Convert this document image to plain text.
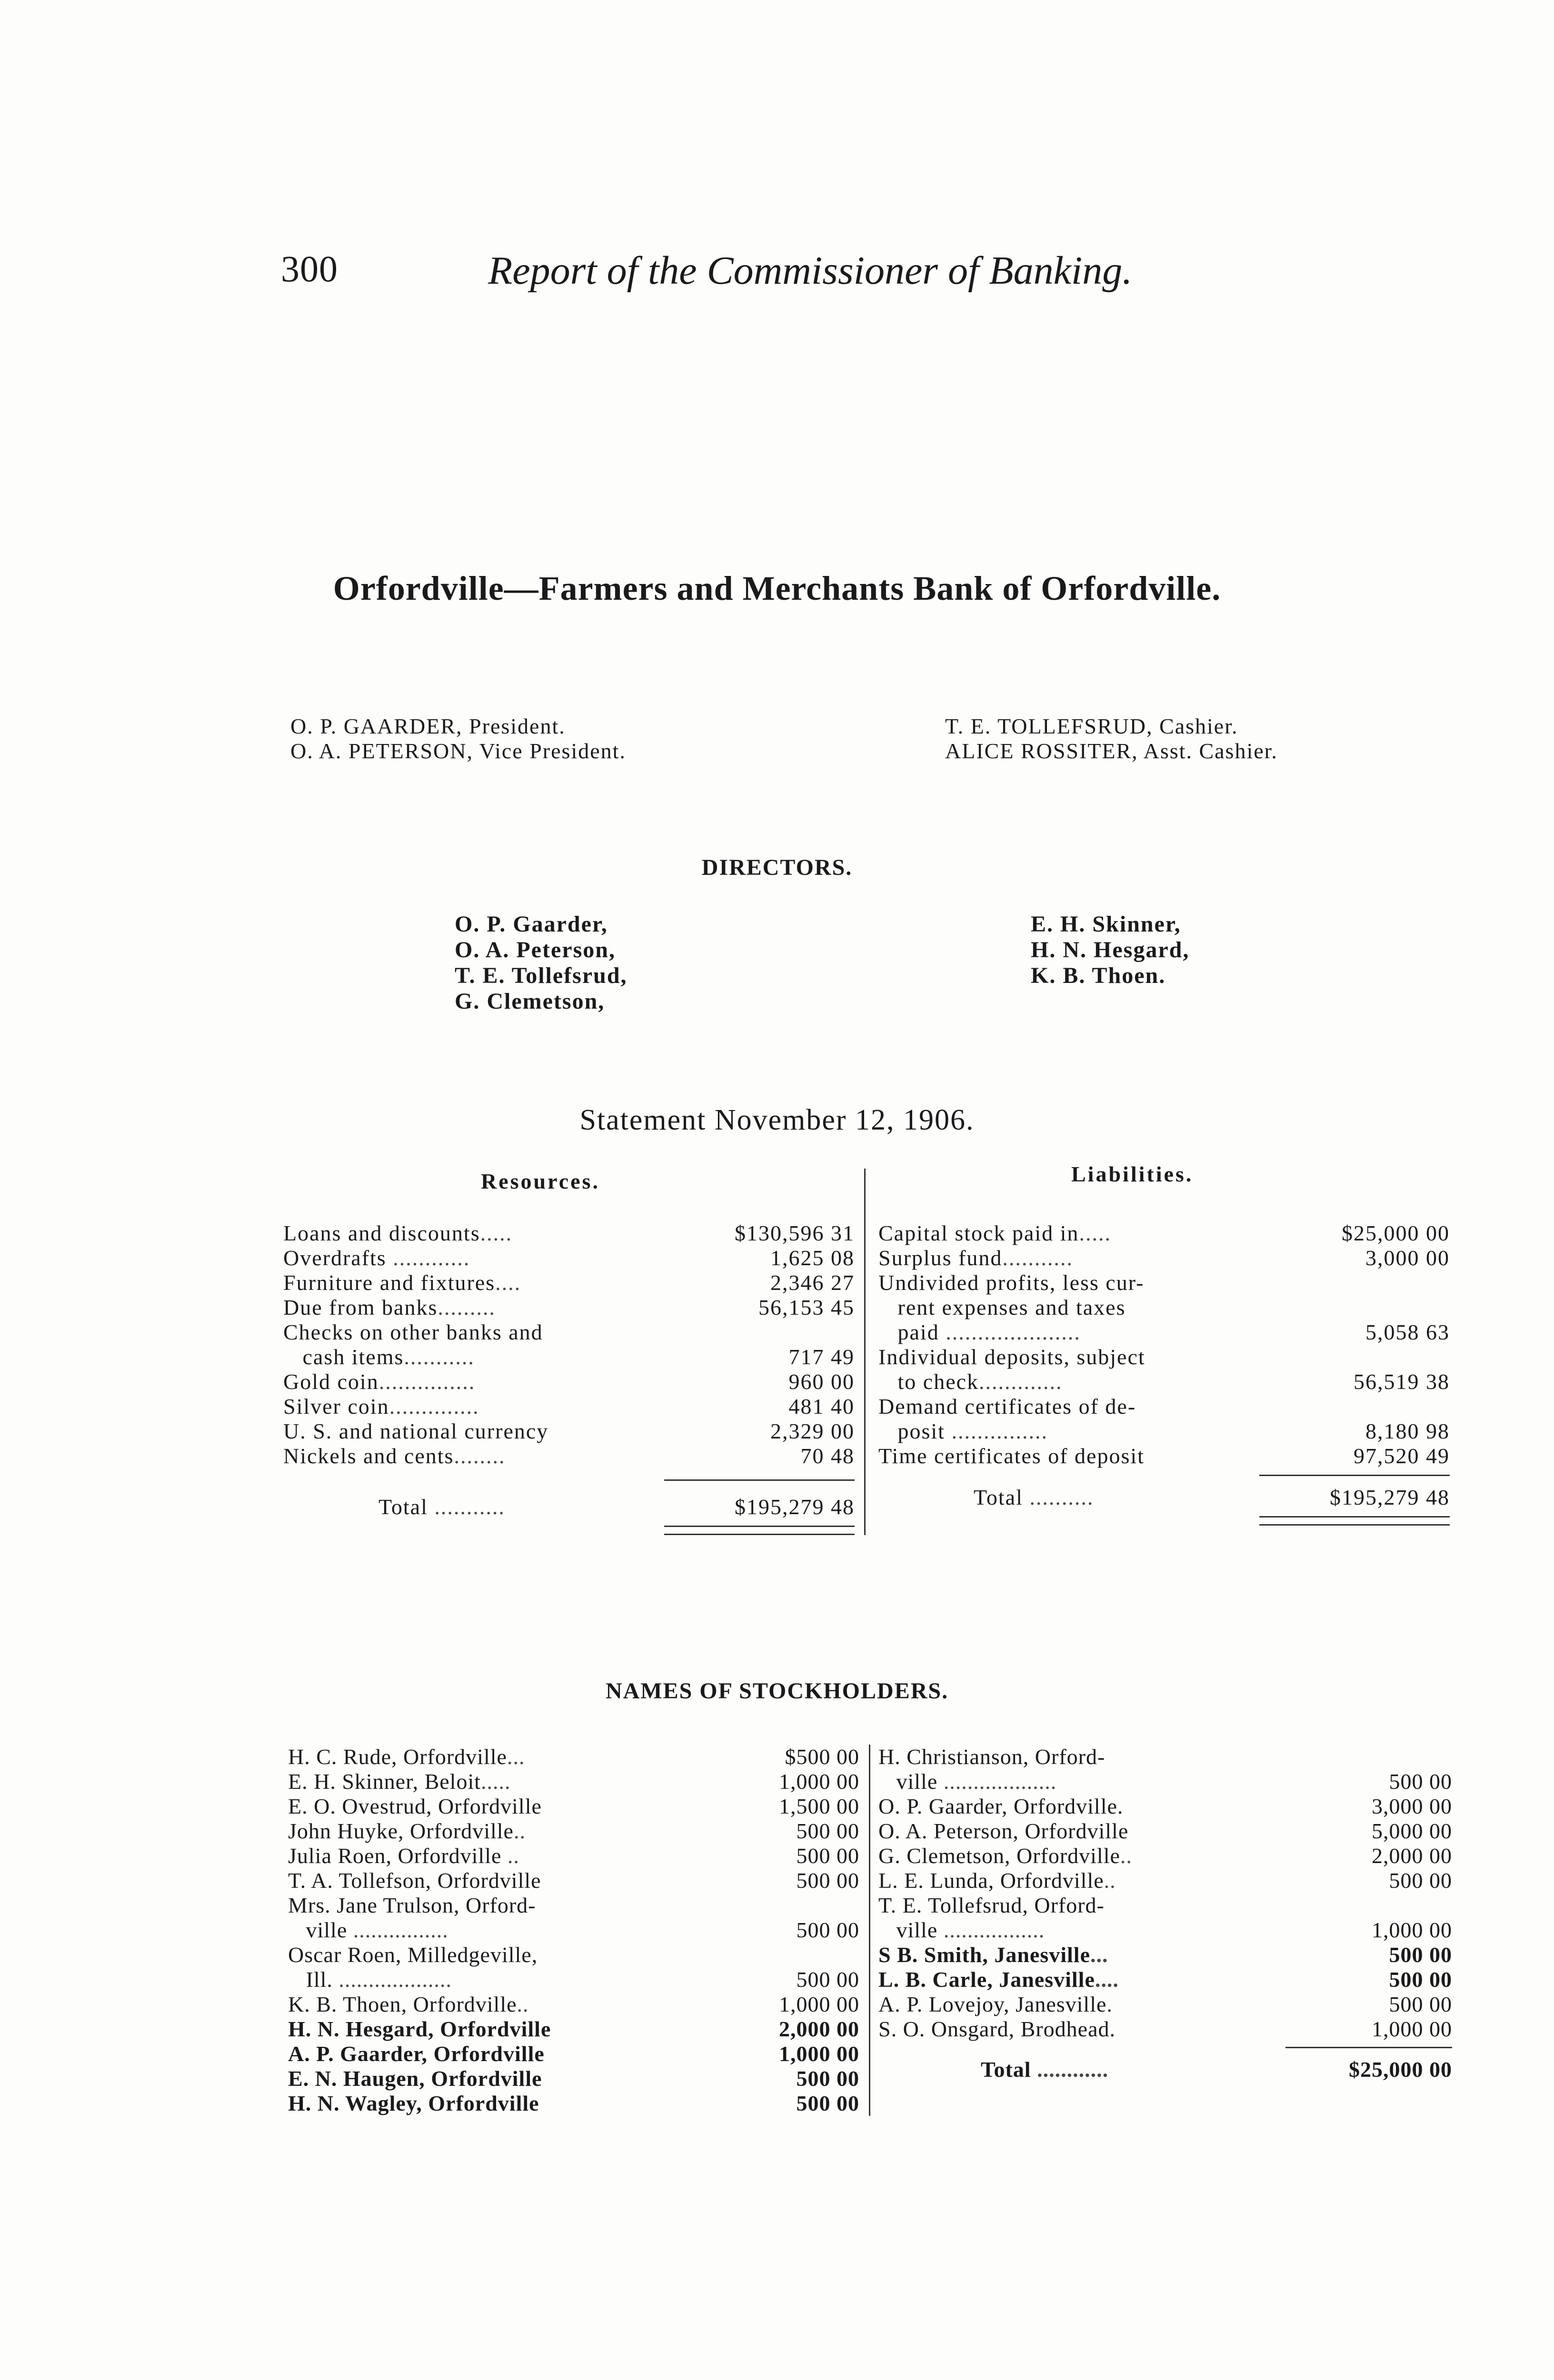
300	Report of the Commissioner of Banking.
Orfordville—Farmers and Merchants Bank of Orfordville.
O. P. GAARDER, President.
O. A. PETERSON, Vice President.
T. E. TOLLEFSRUD, Cashier.
ALICE ROSSITER, Asst. Cashier.
DIRECTORS.
O. P. Gaarder,
O. A. Peterson,
T. E. Tollefsrud,
G. Clemetson,
E. H. Skinner,
H. N. Hesgard,
K. B. Thoen.
Statement November 12, 1906.
Resources.	Liabilities.
Loans and discounts.....	$130,596 31
Overdrafts ............	1,625 08
Furniture and fixtures....	2,346 27
Due from banks.........	56,153 45
Checks on other banks and
cash items...........	717 49
Gold coin...............	960 00
Silver coin..............	481 40
U. S. and national currency	2,329 00
Nickels and cents........	70 48
Total ...........	$195,279 48
Capital stock paid in.....	$25,000 00
Surplus fund...........	3,000 00
Undivided profits, less cur-
rent expenses and taxes
paid .....................	5,058 63
Individual deposits, subject
to check.............	56,519 38
Demand certificates of de-
posit ...............	8,180 98
Time certificates of deposit	97,520 49
Total ..........	$195,279 48
NAMES OF STOCKHOLDERS.
H. C. Rude, Orfordville...	$500 00
E. H. Skinner, Beloit.....	1,000 00
E. O. Ovestrud, Orfordville	1,500 00
John Huyke, Orfordville..	500 00
Julia Roen, Orfordville ..	500 00
T. A. Tollefson, Orfordville	500 00
Mrs. Jane Trulson, Orford-
ville ................	500 00
Oscar Roen, Milledgeville,
Ill. ...................	500 00
K. B. Thoen, Orfordville..	1,000 00
H. N. Hesgard, Orfordville	2,000 00
A. P. Gaarder, Orfordville	1,000 00
E. N. Haugen, Orfordville	500 00
H. N. Wagley, Orfordville	500 00
H. Christianson, Orford-
ville ...................	500 00
O. P. Gaarder, Orfordville.	3,000 00
O. A. Peterson, Orfordville	5,000 00
G. Clemetson, Orfordville..	2,000 00
L. E. Lunda, Orfordville..	500 00
T. E. Tollefsrud, Orford-
ville .................	1,000 00
S B. Smith, Janesville...	500 00
L. B. Carle, Janesville....	500 00
A. P. Lovejoy, Janesville.	500 00
S. O. Onsgard, Brodhead.	1,000 00
Total ............	$25,000 00
